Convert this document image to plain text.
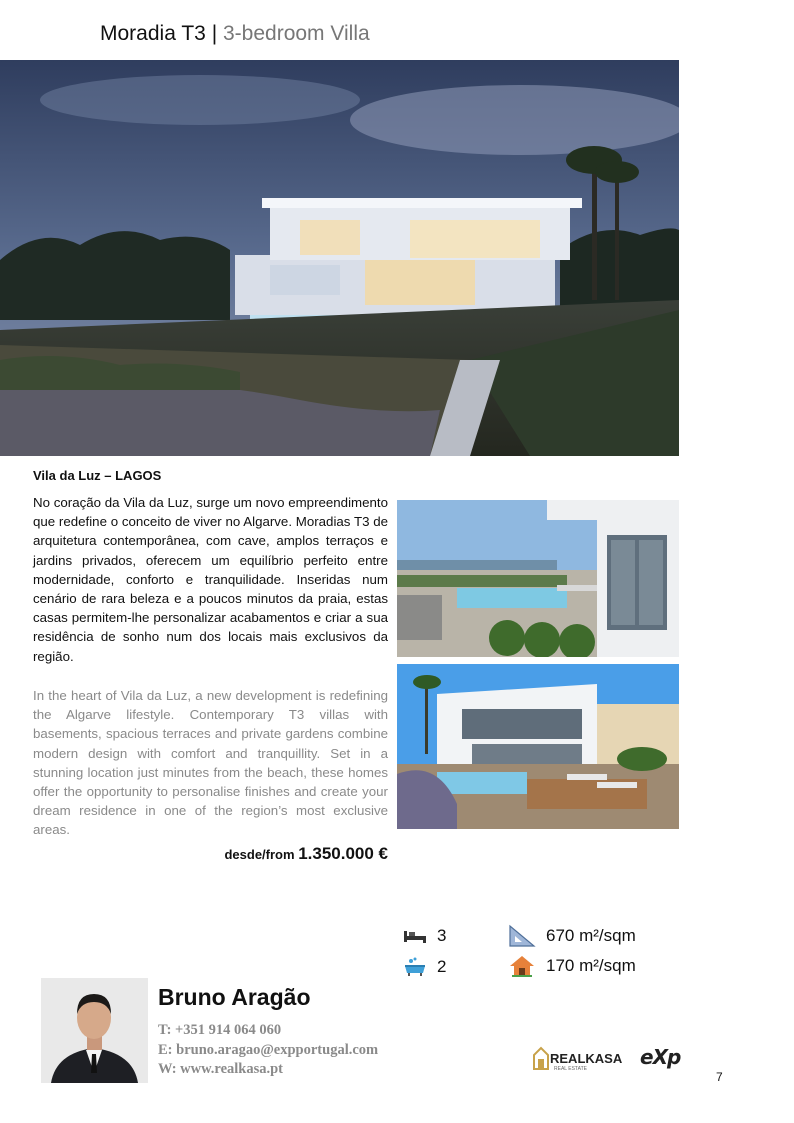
Moradia T3 | 3-bedroom Villa
Vila da Luz – LAGOS
No coração da Vila da Luz, surge um novo empreendimento que redefine o conceito de viver no Algarve. Moradias T3 de arquitetura contemporânea, com cave, amplos terraços e jardins privados, oferecem um equilíbrio perfeito entre modernidade, conforto e tranquilidade. Inseridas num cenário de rara beleza e a poucos minutos da praia, estas casas permitem-lhe personalizar acabamentos e criar a sua residência de sonho num dos locais mais exclusivos da região.
In the heart of Vila da Luz, a new development is redefining the Algarve lifestyle. Contemporary T3 villas with basements, spacious terraces and private gardens combine modern design with comfort and tranquillity. Set in a stunning location just minutes from the beach, these homes offer the opportunity to personalise finishes and create your dream residence in one of the region’s most exclusive areas.
desde/from 1.350.000 €
3
2
670 m²/sqm
170 m²/sqm
Bruno Aragão
T: +351 914 064 060
E: bruno.aragao@expportugal.com
W: www.realkasa.pt
REALKASA
REAL ESTATE	eXp
7
